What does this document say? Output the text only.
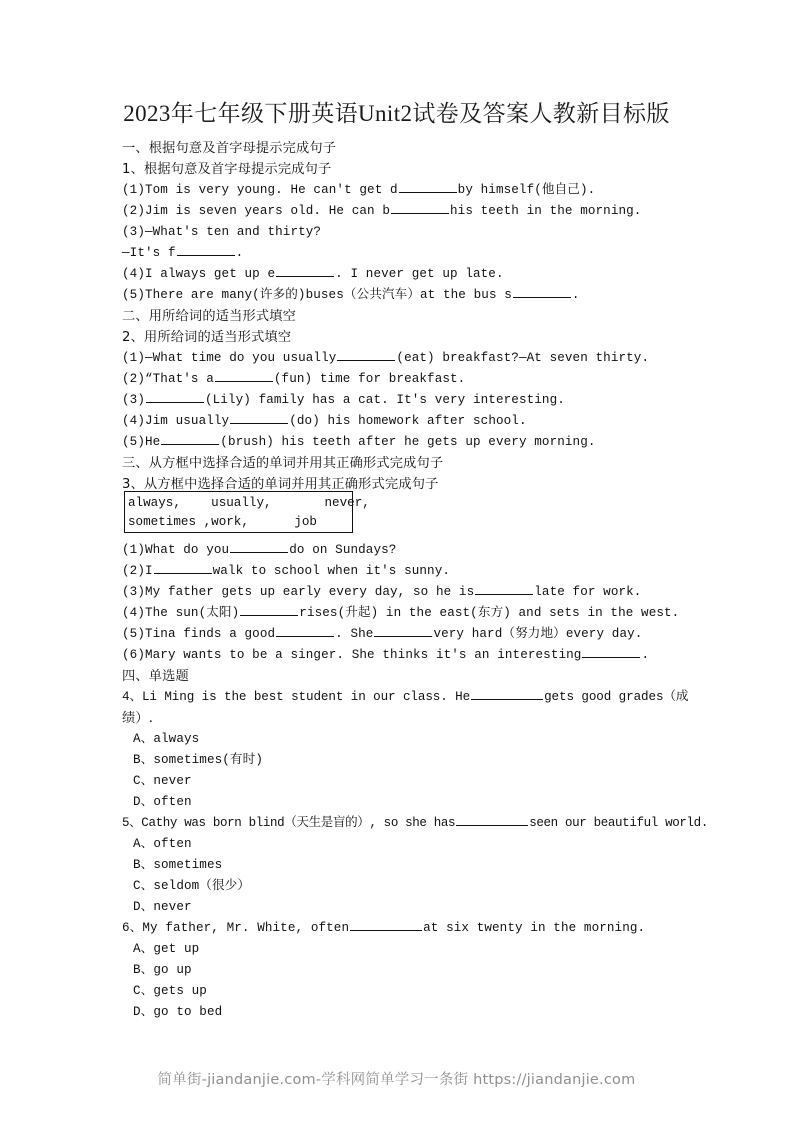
2023年七年级下册英语Unit2试卷及答案人教新目标版
一、根据句意及首字母提示完成句子
1、根据句意及首字母提示完成句子
(1)Tom is very young. He can't get d	by himself(他自己).
(2)Jim is seven years old. He can b	his teeth in the morning.
(3)—What's ten and thirty?
—It's f	.
(4)I always get up e	. I never get up late.
(5)There are many(许多的)buses（公共汽车）at the bus s	.
二、用所给词的适当形式填空
2、用所给词的适当形式填空
(1)—What time do you usually	(eat) breakfast?—At seven thirty.
(2)“That's a	(fun) time for breakfast.
(3)	(Lily) family has a cat. It's very interesting.
(4)Jim usually	(do) his homework after school.
(5)He	(brush) his teeth after he gets up every morning.
三、从方框中选择合适的单词并用其正确形式完成句子
3、从方框中选择合适的单词并用其正确形式完成句子
(1)What do you	do on Sundays?
(2)I	walk to school when it's sunny.
(3)My father gets up early every day, so he is	late for work.
(4)The sun(太阳)	rises(升起) in the east(东方) and sets in the west.
(5)Tina finds a good	. She	very hard（努力地）every day.
(6)Mary wants to be a singer. She thinks it's an interesting	.
四、单选题
4、Li Ming is the best student in our class. He	gets good grades（成
绩）.
A、always
B、sometimes(有时)
C、never
D、often
5、Cathy was born blind（天生是盲的）, so she has	seen our beautiful world.
A、often
B、sometimes
C、seldom（很少）
D、never
6、My father, Mr. White, often	at six twenty in the morning.
A、get up
B、go up
C、gets up
D、go to bed
always,    usually,       never,
sometimes ,work,      job
简单街-jiandanjie.com-学科网简单学习一条街 https://jiandanjie.com
